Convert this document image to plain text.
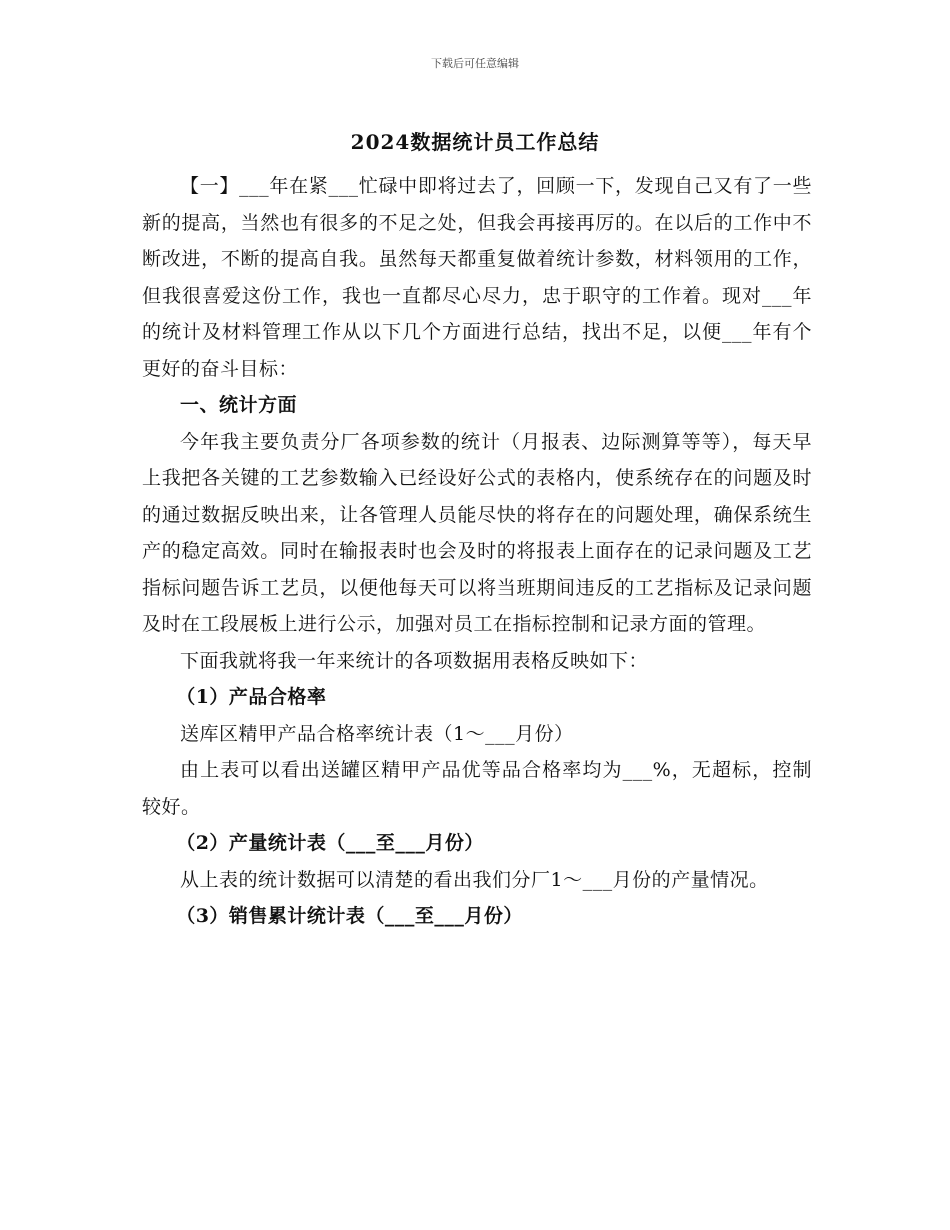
下载后可任意编辑
2024数据统计员工作总结

【一】___年在紧___忙碌中即将过去了，回顾一下，发现自己又有了一些新的提高，当然也有很多的不足之处，但我会再接再厉的。在以后的工作中不断改进，不断的提高自我。虽然每天都重复做着统计参数，材料领用的工作，但我很喜爱这份工作，我也一直都尽心尽力，忠于职守的工作着。现对___年的统计及材料管理工作从以下几个方面进行总结，找出不足，以便___年有个更好的奋斗目标：

一、统计方面

今年我主要负责分厂各项参数的统计（月报表、边际测算等等），每天早上我把各关键的工艺参数输入已经设好公式的表格内，使系统存在的问题及时的通过数据反映出来，让各管理人员能尽快的将存在的问题处理，确保系统生产的稳定高效。同时在输报表时也会及时的将报表上面存在的记录问题及工艺指标问题告诉工艺员，以便他每天可以将当班期间违反的工艺指标及记录问题及时在工段展板上进行公示，加强对员工在指标控制和记录方面的管理。

下面我就将我一年来统计的各项数据用表格反映如下：

（1）产品合格率

送库区精甲产品合格率统计表（1～___月份）

由上表可以看出送罐区精甲产品优等品合格率均为___%，无超标，控制较好。

（2）产量统计表（___至___月份）

从上表的统计数据可以清楚的看出我们分厂1～___月份的产量情况。

（3）销售累计统计表（___至___月份）
